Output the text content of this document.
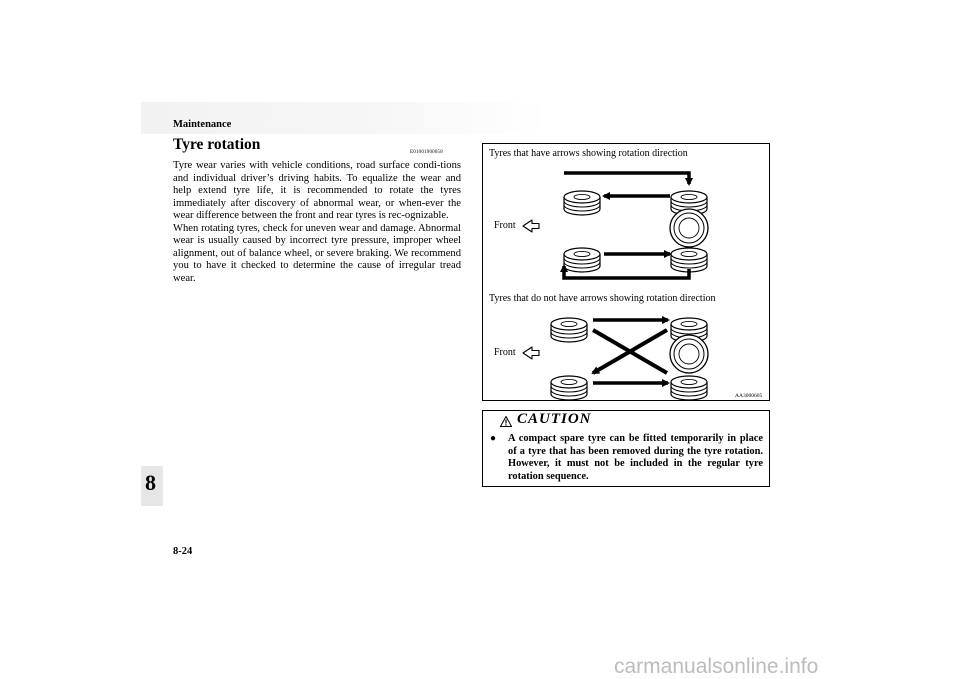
Maintenance
8
Tyre rotation	E01001900058

Tyre wear varies with vehicle conditions, road surface condi-tions and individual driver’s driving habits. To equalize the wear and help extend tyre life, it is recommended to rotate the tyres immediately after discovery of abnormal wear, or when-ever the wear difference between the front and rear tyres is rec-ognizable.

When rotating tyres, check for uneven wear and damage. Abnormal wear is usually caused by incorrect tyre pressure, improper wheel alignment, out of balance wheel, or severe braking. We recommend you to have it checked to determine the cause of irregular tread wear.

Tyres that have arrows showing rotation direction
Front
Tyres that do not have arrows showing rotation direction
Front
AA3000605
CAUTION
● A compact spare tyre can be fitted temporarily in place of a tyre that has been removed during the tyre rotation. However, it must not be included in the regular tyre rotation sequence.
8-24
carmanualsonline.info
